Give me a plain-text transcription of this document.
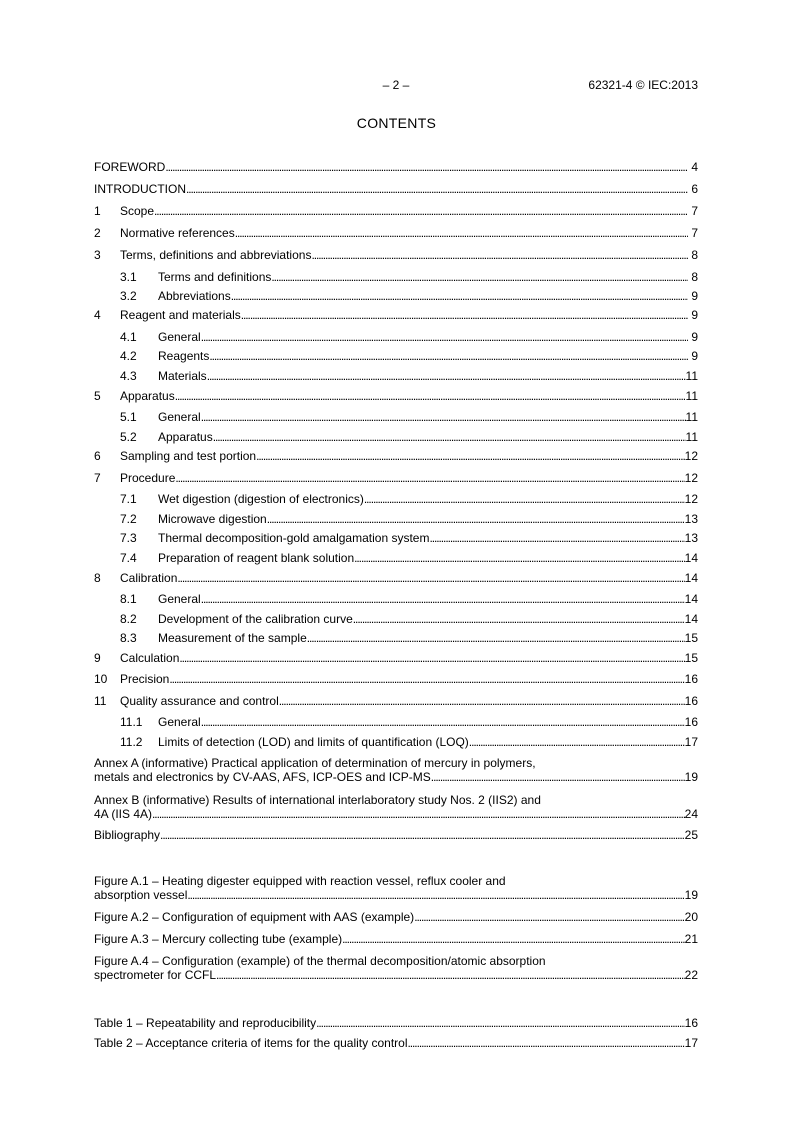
– 2 –	62321-4 © IEC:2013
CONTENTS
FOREWORD . . .	4
INTRODUCTION . . .	6
1	Scope . . .	7
2	Normative references . . .	7
3	Terms, definitions and abbreviations . . .	8
3.1	Terms and definitions . . .	8
3.2	Abbreviations . . .	9
4	Reagent and materials . . .	9
4.1	General . . .	9
4.2	Reagents . . .	9
4.3	Materials . . .	11
5	Apparatus . . .	11
5.1	General . . .	11
5.2	Apparatus . . .	11
6	Sampling and test portion . . .	12
7	Procedure . . .	12
7.1	Wet digestion (digestion of electronics) . . .	12
7.2	Microwave digestion . . .	13
7.3	Thermal decomposition-gold amalgamation system . . .	13
7.4	Preparation of reagent blank solution . . .	14
8	Calibration . . .	14
8.1	General . . .	14
8.2	Development of the calibration curve . . .	14
8.3	Measurement of the sample . . .	15
9	Calculation . . .	15
10	Precision . . .	16
11	Quality assurance and control . . .	16
11.1	General . . .	16
11.2	Limits of detection (LOD) and limits of quantification (LOQ) . . .	17
Annex A (informative) Practical application of determination of mercury in polymers,
metals and electronics by CV-AAS, AFS, ICP-OES and ICP-MS . . .	19
Annex B (informative) Results of international interlaboratory study Nos. 2 (IIS2) and
4A (IIS 4A) . . .	24
Bibliography . . .	25
Figure A.1 – Heating digester equipped with reaction vessel, reflux cooler and
absorption vessel . . .	19
Figure A.2 – Configuration of equipment with AAS (example) . . .	20
Figure A.3 – Mercury collecting tube (example) . . .	21
Figure A.4 – Configuration (example) of the thermal decomposition/atomic absorption
spectrometer for CCFL . . .	22
Table 1 – Repeatability and reproducibility . . .	16
Table 2 – Acceptance criteria of items for the quality control . . .	17
